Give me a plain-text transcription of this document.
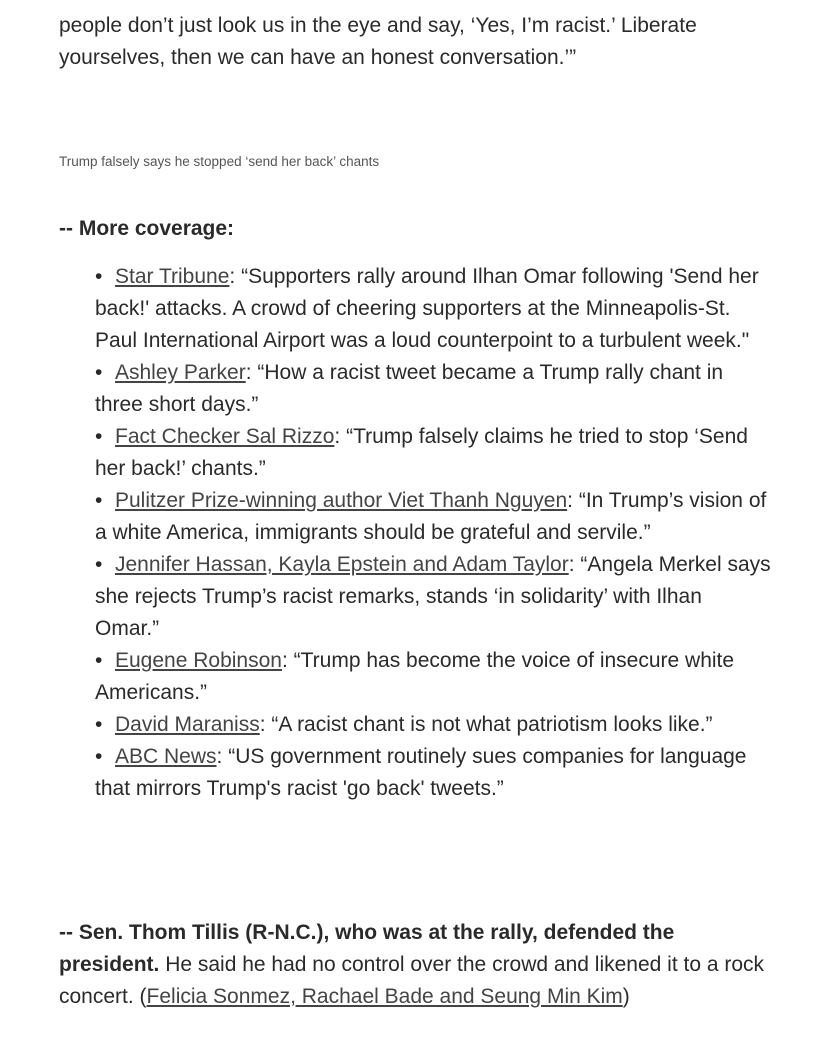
people don’t just look us in the eye and say, ‘Yes, I’m racist.’ Liberate yourselves, then we can have an honest conversation.’”

Trump falsely says he stopped ‘send her back’ chants

-- More coverage:

• Star Tribune: “Supporters rally around Ilhan Omar following 'Send her back!' attacks. A crowd of cheering supporters at the Minneapolis-St. Paul International Airport was a loud counterpoint to a turbulent week."
• Ashley Parker: “How a racist tweet became a Trump rally chant in three short days.”
• Fact Checker Sal Rizzo: “Trump falsely claims he tried to stop ‘Send her back!’ chants.”
• Pulitzer Prize-winning author Viet Thanh Nguyen: “In Trump’s vision of a white America, immigrants should be grateful and servile.”
• Jennifer Hassan, Kayla Epstein and Adam Taylor: “Angela Merkel says she rejects Trump’s racist remarks, stands ‘in solidarity’ with Ilhan Omar.”
• Eugene Robinson: “Trump has become the voice of insecure white Americans.”
• David Maraniss: “A racist chant is not what patriotism looks like.”
• ABC News: “US government routinely sues companies for language that mirrors Trump's racist 'go back' tweets.”

-- Sen. Thom Tillis (R-N.C.), who was at the rally, defended the president. He said he had no control over the crowd and likened it to a rock concert. (Felicia Sonmez, Rachael Bade and Seung Min Kim)
